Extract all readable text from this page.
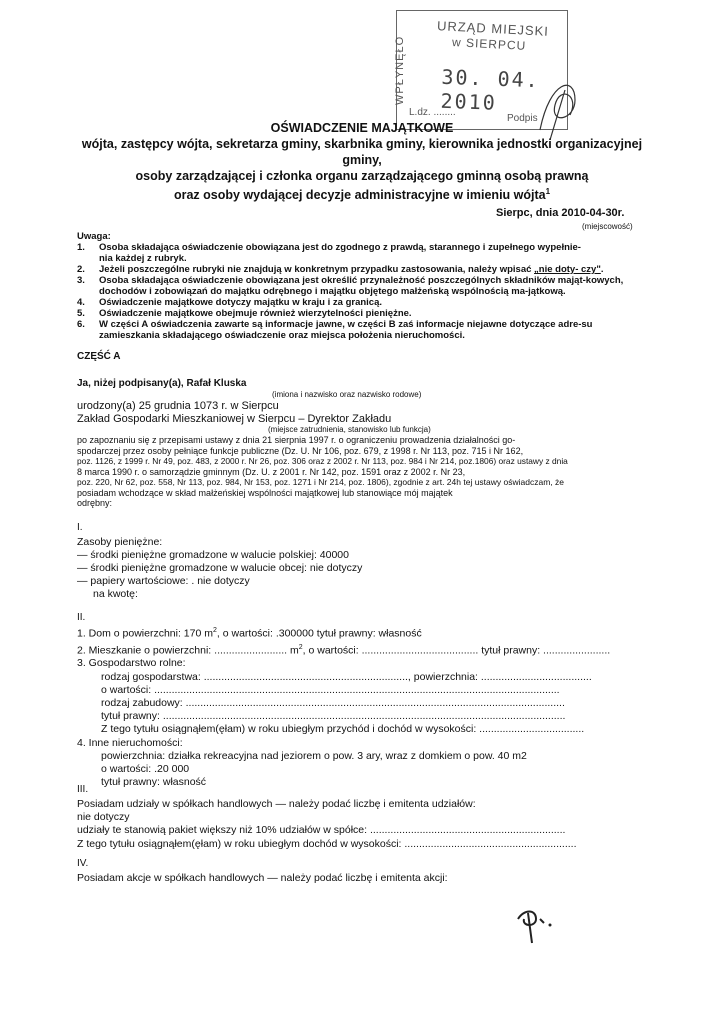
WPŁYNĘŁO
URZĄD MIEJSKI
w SIERPCU
30. 04. 2010
L.dz. ........
Podpis
OŚWIADCZENIE MAJĄTKOWE
wójta, zastępcy wójta, sekretarza gminy, skarbnika gminy, kierownika jednostki organizacyjnej
gminy,
osoby zarządzającej i członka organu zarządzającego gminną osobą prawną
oraz osoby wydającej decyzje administracyjne w imieniu wójta$^1$
Sierpc, dnia 2010-04-30r.
(miejscowość)
Uwaga:
1. Osoba składająca oświadczenie obowiązana jest do zgodnego z prawdą, starannego i zupełnego wypełnie-
nia każdej z rubryk.
2. Jeżeli poszczególne rubryki nie znajdują w konkretnym przypadku zastosowania, należy wpisać „nie doty- czy".
3. Osoba składająca oświadczenie obowiązana jest określić przynależność poszczególnych składników mająt-kowych,
dochodów i zobowiązań do majątku odrębnego i majątku objętego małżeńską wspólnością ma-jątkową.
4. Oświadczenie majątkowe dotyczy majątku w kraju i za granicą.
5. Oświadczenie majątkowe obejmuje również wierzytelności pieniężne.
6. W części A oświadczenia zawarte są informacje jawne, w części B zaś informacje niejawne dotyczące adre-su
zamieszkania składającego oświadczenie oraz miejsca położenia nieruchomości.
CZĘŚĆ A
Ja, niżej podpisany(a), Rafał Kluska
(imiona i nazwisko oraz nazwisko rodowe)
urodzony(a) 25 grudnia 1073 r. w Sierpcu
Zakład Gospodarki Mieszkaniowej w Sierpcu – Dyrektor Zakładu
(miejsce zatrudnienia, stanowisko lub funkcja)
po zapoznaniu się z przepisami ustawy z dnia 21 sierpnia 1997 r. o ograniczeniu prowadzenia działalności go-
spodarczej przez osoby pełniące funkcje publiczne (Dz. U. Nr 106, poz. 679, z 1998 r. Nr 113, poz. 715 i Nr 162,
poz. 1126, z 1999 r. Nr 49, poz. 483, z 2000 r. Nr 26, poz. 306 oraz z 2002 r. Nr 113, poz. 984 i Nr 214, poz.1806) oraz ustawy z dnia
8 marca 1990 r. o samorządzie gminnym (Dz. U. z 2001 r. Nr 142, poz. 1591 oraz z 2002 r. Nr 23,
poz. 220, Nr 62, poz. 558, Nr 113, poz. 984, Nr 153, poz. 1271 i Nr 214, poz. 1806), zgodnie z art. 24h tej ustawy oświadczam, że
posiadam wchodzące w skład małżeńskiej wspólności majątkowej lub stanowiące mój majątek
odrębny:
I.
Zasoby pieniężne:
— środki pieniężne gromadzone w walucie polskiej: 40000
— środki pieniężne gromadzone w walucie obcej: nie dotyczy
— papiery wartościowe: . nie dotyczy
na kwotę:
II.
1. Dom o powierzchni: 170 $m^2$, o wartości: .300000 tytuł prawny: własność
2. Mieszkanie o powierzchni: ......................... $m^2$, o wartości: ........................................ tytuł prawny: .......................
3. Gospodarstwo rolne:
rodzaj gospodarstwa: ......................................................................, powierzchnia: ......................................
o wartości: ...........................................................................................................................................
rodzaj zabudowy: ..................................................................................................................................
tytuł prawny: ..........................................................................................................................................
Z tego tytułu osiągnąłem(ęłam) w roku ubiegłym przychód i dochód w wysokości: ....................................
4. Inne nieruchomości:
powierzchnia: działka rekreacyjna nad jeziorem o pow. 3 ary, wraz z domkiem o pow. 40 m2
o wartości: .20 000
tytuł prawny: własność
III.
Posiadam udziały w spółkach handlowych — należy podać liczbę i emitenta udziałów:
nie dotyczy
udziały te stanowią pakiet większy niż 10% udziałów w spółce: ...................................................................
Z tego tytułu osiągnąłem(ęłam) w roku ubiegłym dochód w wysokości: ...........................................................
IV.
Posiadam akcje w spółkach handlowych — należy podać liczbę i emitenta akcji:
